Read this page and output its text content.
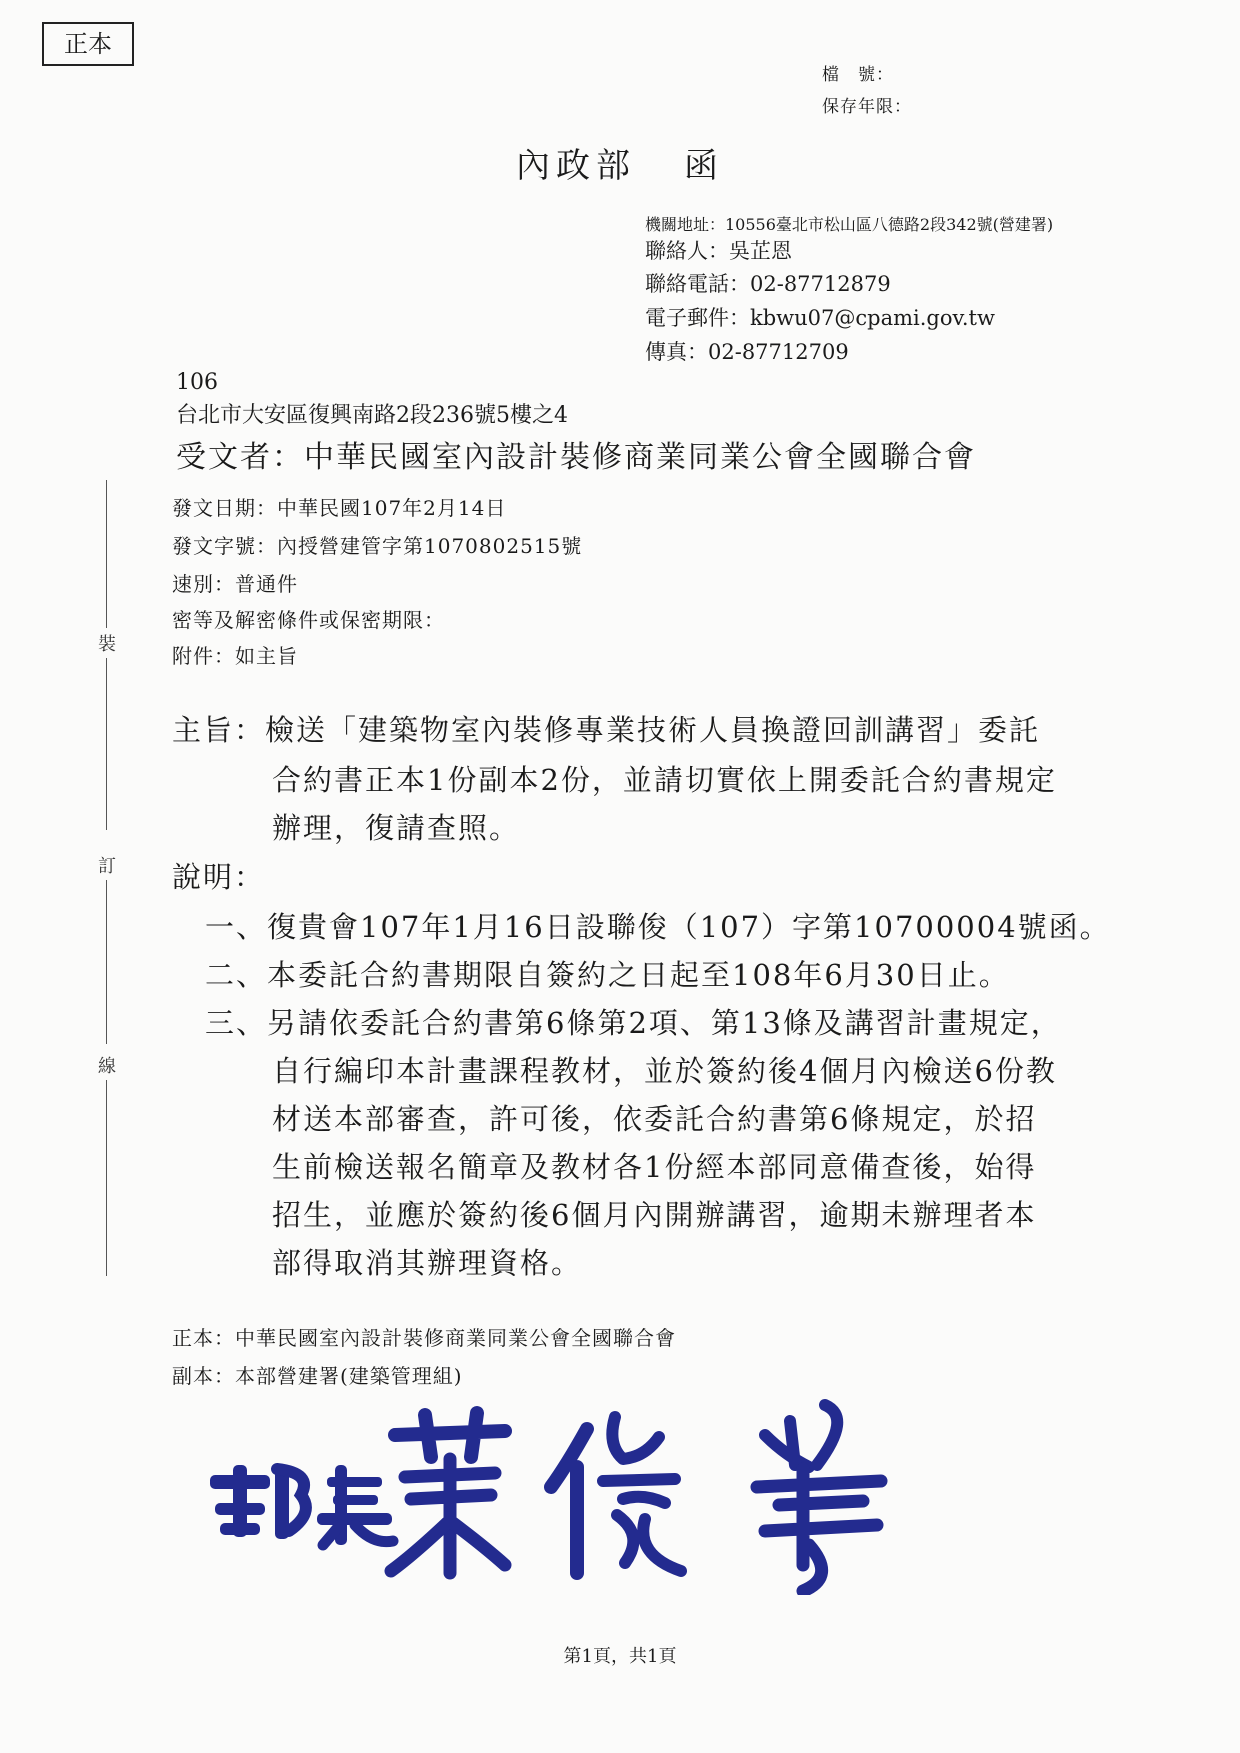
正本
檔　號：
保存年限：
內政部 函
機關地址：10556臺北市松山區八德路2段342號(營建署)
聯絡人：吳芷恩
聯絡電話：02-87712879
電子郵件：kbwu07@cpami.gov.tw
傳真：02-87712709
106
台北市大安區復興南路2段236號5樓之4
受文者：中華民國室內設計裝修商業同業公會全國聯合會
發文日期：中華民國107年2月14日
發文字號：內授營建管字第1070802515號
速別：普通件
密等及解密條件或保密期限：
附件：如主旨
裝
訂
線
主旨：檢送「建築物室內裝修專業技術人員換證回訓講習」委託
合約書正本1份副本2份，並請切實依上開委託合約書規定
辦理，復請查照。
說明：
一、復貴會107年1月16日設聯俊（107）字第10700004號函。
二、本委託合約書期限自簽約之日起至108年6月30日止。
三、另請依委託合約書第6條第2項、第13條及講習計畫規定，
自行編印本計畫課程教材，並於簽約後4個月內檢送6份教
材送本部審查，許可後，依委託合約書第6條規定，於招
生前檢送報名簡章及教材各1份經本部同意備查後，始得
招生，並應於簽約後6個月內開辦講習，逾期未辦理者本
部得取消其辦理資格。
正本：中華民國室內設計裝修商業同業公會全國聯合會
副本：本部營建署(建築管理組)
第1頁，共1頁
